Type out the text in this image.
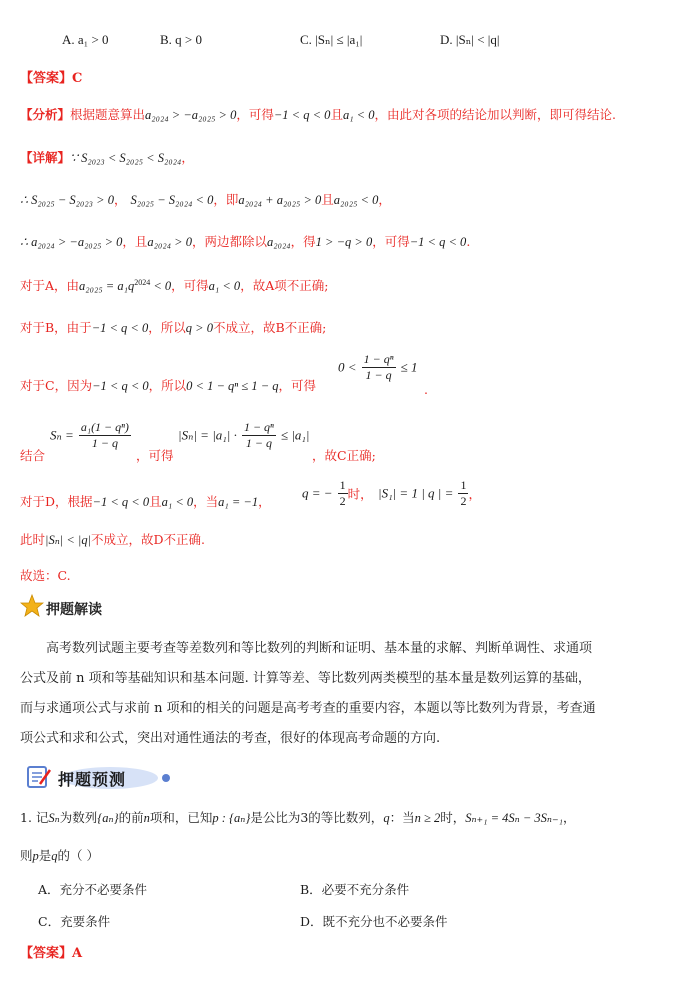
A. a₁ > 0	B. q > 0	C. |Sₙ| ≤ |a₁|	D. |Sₙ| < |q|
【答案】C
【分析】根据题意算出a₂₀₂₄ > −a₂₀₂₅ > 0，可得−1 < q < 0且a₁ < 0，由此对各项的结论加以判断，即可得结论.
【详解】∵ S₂₀₂₃ < S₂₀₂₅ < S₂₀₂₄，
∴ S₂₀₂₅ − S₂₀₂₃ > 0， S₂₀₂₅ − S₂₀₂₄ < 0，即a₂₀₂₄ + a₂₀₂₅ > 0且a₂₀₂₅ < 0，
∴ a₂₀₂₄ > −a₂₀₂₅ > 0，且a₂₀₂₄ > 0，两边都除以a₂₀₂₄，得1 > −q > 0，可得−1 < q < 0.
对于A，由$a_{2025} = a_1q^{2024} < 0$，可得a₁ < 0，故A项不正确;
对于B，由于−1 < q < 0，所以q > 0不成立，故B不正确;
对于C，因为−1 < q < 0，所以0 < 1 − qⁿ ≤ 1 − q，可得
$0 < \frac{\text{1 − qⁿ}}{1 - q} \le 1$
.
结合
$S_n = \frac{\text{a₁(1 − qⁿ)}}{1 - q}$
，可得
$|S_n| = |a_1| \cdot \frac{\text{1 − qⁿ}}{1 - q} \le |a_1|$
，故C正确;
对于D，根据−1 < q < 0且a₁ < 0，当a₁ = −1，
q = − $\frac{1}{2}$ 时， |S₁| = 1 | q | = $\frac{1}{2}$ ，
此时|Sₙ| < |q|不成立，故D不正确.
故选：C.
押题解读
高考数列试题主要考查等差数列和等比数列的判断和证明、基本量的求解、判断单调性、求通项
公式及前 n 项和等基础知识和基本问题. 计算等差、等比数列两类模型的基本量是数列运算的基础，
而与求通项公式与求前 n 项和的相关的问题是高考考查的重要内容，本题以等比数列为背景，考查通
项公式和求和公式，突出对通性通法的考查，很好的体现高考命题的方向.
押题预测
1. 记Sₙ为数列{aₙ}的前n项和，已知p : {aₙ}是公比为3的等比数列，q：当n ≥ 2时，Sₙ₊₁ = 4Sₙ − 3Sₙ₋₁，
则p是q的（ ）
A．充分不必要条件	B．必要不充分条件
C．充要条件	D．既不充分也不必要条件
【答案】A
